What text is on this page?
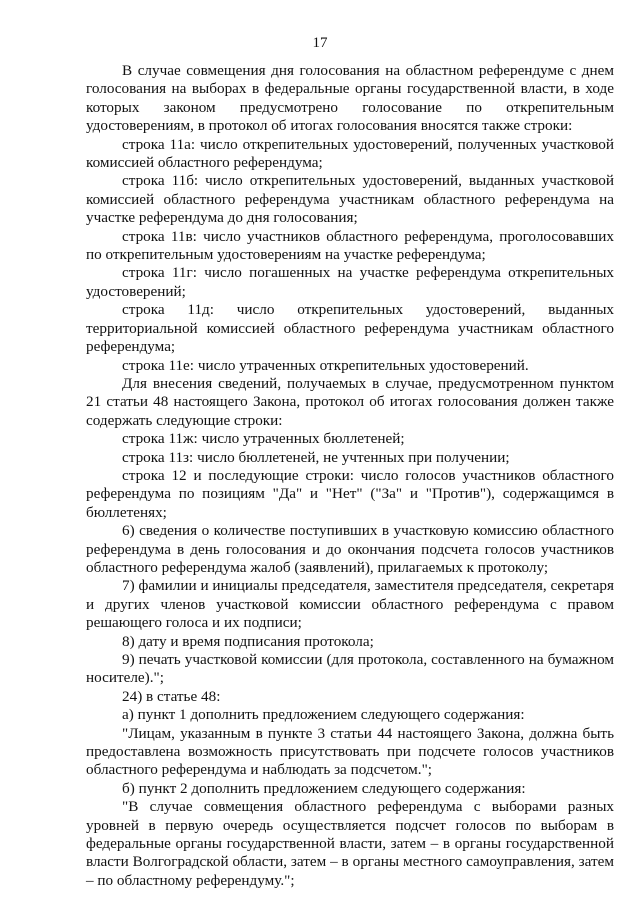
17

В случае совмещения дня голосования на областном референдуме с днем голосования на выборах в федеральные органы государственной власти, в ходе которых законом предусмотрено голосование по открепительным удостоверениям, в протокол об итогах голосования вносятся также строки:

строка 11а: число открепительных удостоверений, полученных участковой комиссией областного референдума;

строка 11б: число открепительных удостоверений, выданных участковой комиссией областного референдума участникам областного референдума на участке референдума до дня голосования;

строка 11в: число участников областного референдума, проголосовавших по открепительным удостоверениям на участке референдума;

строка 11г: число погашенных на участке референдума открепительных удостоверений;

строка 11д: число открепительных удостоверений, выданных территориальной комиссией областного референдума участникам областного референдума;

строка 11е: число утраченных открепительных удостоверений.

Для внесения сведений, получаемых в случае, предусмотренном пунктом 21 статьи 48 настоящего Закона, протокол об итогах голосования должен также содержать следующие строки:

строка 11ж: число утраченных бюллетеней;

строка 11з: число бюллетеней, не учтенных при получении;

строка 12 и последующие строки: число голосов участников областного референдума по позициям "Да" и "Нет" ("За" и "Против"), содержащимся в бюллетенях;

6) сведения о количестве поступивших в участковую комиссию областного референдума в день голосования и до окончания подсчета голосов участников областного референдума жалоб (заявлений), прилагаемых к протоколу;

7) фамилии и инициалы председателя, заместителя председателя, секретаря и других членов участковой комиссии областного референдума с правом решающего голоса и их подписи;

8) дату и время подписания протокола;

9) печать участковой комиссии (для протокола, составленного на бумажном носителе).";

24) в статье 48:

а) пункт 1 дополнить предложением следующего содержания:

"Лицам, указанным в пункте 3 статьи 44 настоящего Закона, должна быть предоставлена возможность присутствовать при подсчете голосов участников областного референдума и наблюдать за подсчетом.";

б) пункт 2 дополнить предложением следующего содержания:

"В случае совмещения областного референдума с выборами разных уровней в первую очередь осуществляется подсчет голосов по выборам в федеральные органы государственной власти, затем – в органы государственной власти Волгоградской области, затем – в органы местного самоуправления, затем – по областному референдуму.";
